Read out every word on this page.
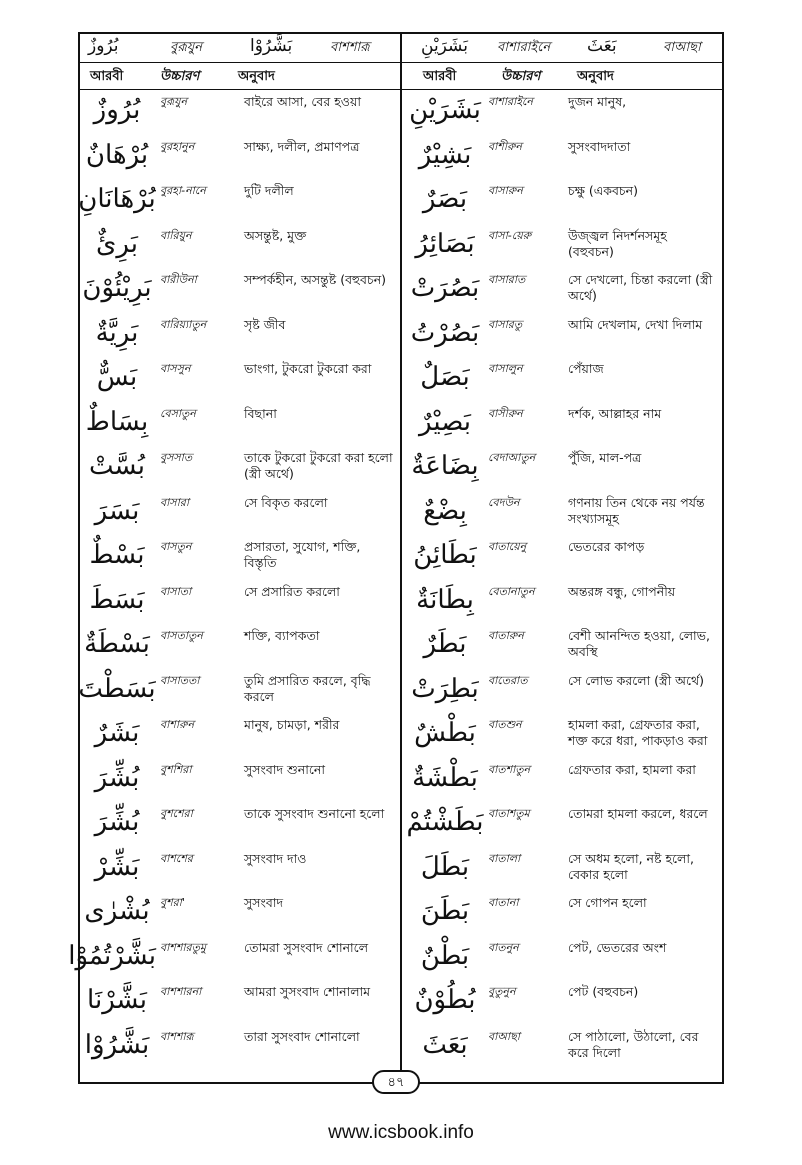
بُرُوزٌ	বুরূযুন	بَشَّرُوْا	বাশশারূ	بَشَرَيْنِ বাশারাইনে بَعَثَ	বাআছা
আরবী	উচ্চারণ	অনুবাদ	আরবী	উচ্চারণ	অনুবাদ
بُرُوزٌ	বুরূযুন	বাইরে আসা, বের হওয়া
بُرْهَانٌ	বুরহানুন	সাক্ষ্য, দলীল, প্রমাণপত্র
بُرْهَانَانِ বুরহা-নানে	দুটি দলীল
بَرِئٌ	বারিয়ুন	অসন্তুষ্ট, মুক্ত
بَرِيْئُوْنَ বারীউনা	সম্পর্কহীন, অসন্তুষ্ট (বহুবচন)
بَرِيَّةٌ	বারিয়্যাতুন	সৃষ্ট জীব
بَسٌّ	বাসসুন	ভাংগা, টুকরো টুকরো করা
بِسَاطٌ	বেসাতুন	বিছানা
بُسَّتْ	বুসসাত	তাকে টুকরো টুকরো করা হলো (স্ত্রী অর্থে)
بَسَرَ	বাসারা	সে বিকৃত করলো
بَسْطٌ	বাসতুন	প্রসারতা, সুযোগ, শক্তি, বিস্তৃতি
بَسَطَ	বাসাতা	সে প্রসারিত করলো
بَسْطَةٌ বাসতাতুন	শক্তি, ব্যাপকতা
بَسَطْتَ বাসাততা	তুমি প্রসারিত করলে, বৃদ্ধি করলে
بَشَرٌ	বাশারুন	মানুষ, চামড়া, শরীর
بُشِّرَ	বুশশিরা	সুসংবাদ শুনানো
بُشِّرَ	বুশশেরা	তাকে সুসংবাদ শুনানো হলো
بَشِّرْ	বাশশের	সুসংবাদ দাও
بُشْرٰى বুশরা'	সুসংবাদ
بَشَّرْتُمُوْا বাশশারতুমু	তোমরা সুসংবাদ শোনালে
بَشَّرْنَا	বাশশারনা	আমরা সুসংবাদ শোনালাম
بَشَّرُوْا বাশশারূ	তারা সুসংবাদ শোনালো
بَشَرَيْنِ বাশারাইনে	দুজন মানুষ,
بَشِيْرٌ	বাশীরুন	সুসংবাদদাতা
بَصَرٌ	বাসারুন	চক্ষু (একবচন)
بَصَائِرُ	বাসা-য়েরু	উজ্জ্বল নিদর্শনসমূহ (বহুবচন)
بَصُرَتْ বাসারাত	সে দেখলো, চিন্তা করলো (স্ত্রী অর্থে)
بَصُرْتُ বাসারতু	আমি দেখলাম, দেখা দিলাম
بَصَلٌ	বাসালুন	পেঁয়াজ
بَصِيْرٌ	বাসীরুন	দর্শক, আল্লাহর নাম
بِضَاعَةٌ বেদাআতুন	পুঁজি, মাল-পত্র
بِضْعٌ	বেদউন	গণনায় তিন থেকে নয় পর্যন্ত সংখ্যাসমূহ
بَطَائِنُ	বাতায়েনু	ভেতরের কাপড়
بِطَانَةٌ	বেতানাতুন	অন্তরঙ্গ বন্ধু, গোপনীয়
بَطَرٌ	বাতারুন	বেশী আনন্দিত হওয়া, লোভ, অবস্থি
بَطِرَتْ বাতেরাত	সে লোভ করলো (স্ত্রী অর্থে)
بَطْشٌ	বাতশুন	হামলা করা, গ্রেফতার করা, শক্ত করে ধরা, পাকড়াও করা
بَطْشَةٌ বাতশাতুন	গ্রেফতার করা, হামলা করা
بَطَشْتُمْ বাতাশতুম	তোমরা হামলা করলে, ধরলে
بَطَلَ	বাতালা	সে অধম হলো, নষ্ট হলো, বেকার হলো
بَطَنَ	বাতানা	সে গোপন হলো
بَطْنٌ	বাতনুন	পেট, ভেতরের অংশ
بُطُوْنٌ	বুতুনুন	পেট (বহুবচন)
بَعَثَ	বাআছা	সে পাঠালো, উঠালো, বের করে দিলো
৪৭
www.icsbook.info
